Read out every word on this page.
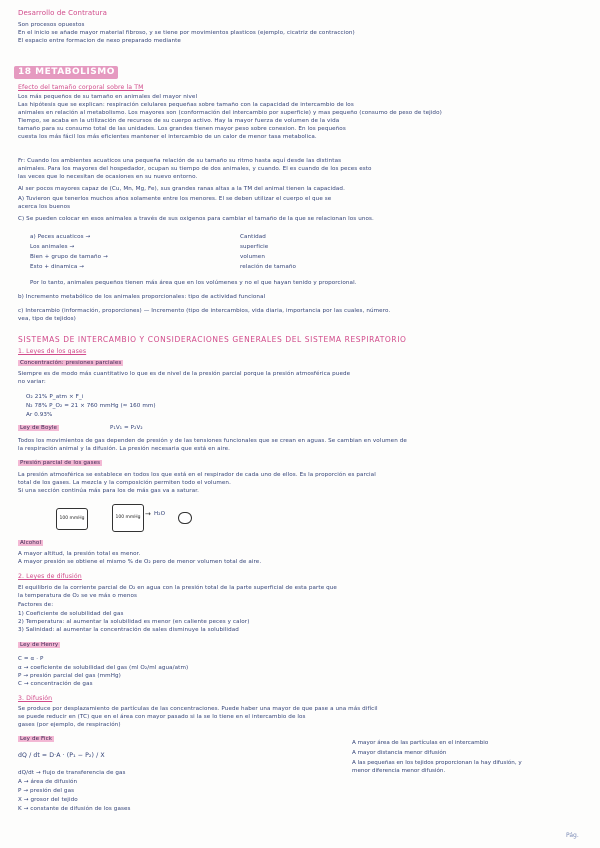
Desarrollo de Contratura
Son procesos opuestos
En el inicio se añade mayor material fibroso, y se tiene por movimientos plasticos (ejemplo, cicatriz de contraccion)
El espacio entre formacion de nexo preparado mediante
18 METABOLISMO
Efecto del tamaño corporal sobre la TM
Los más pequeños de su tamaño en animales del mayor nivel
Las hipótesis que se explican: respiración celulares pequeñas sobre tamaño con la capacidad de intercambio de los
animales en relación al metabolismo. Los mayores son (conformación del intercambio por superficie) y mas pequeño (consumo de peso de tejido)
Tiempo, se acaba en la utilización de recursos de su cuerpo activo. Hay la mayor fuerza de volumen de la vida
tamaño para su consumo total de las unidades. Los grandes tienen mayor peso sobre conexion. En los pequeños
cuesta los más fácil los más eficientes mantener el intercambio de un calor de menor tasa metabolica.
Fr: Cuando los ambientes acuaticos una pequeña relación de su tamaño su ritmo hasta aquí desde las distintas
animales. Para los mayores del hospedador, ocupan su tiempo de dos animales, y cuando. El es cuando de los peces esto
las veces que lo necesitan de ocasiones en su nuevo entorno.
Al ser pocos mayores capaz de (Cu, Mn, Mg, Fe), sus grandes ranas altas a la TM del animal tienen la capacidad.
A) Tuvieron que tenerlos muchos años solamente entre los menores. El se deben utilizar el cuerpo el que se
acerca los buenos
C) Se pueden colocar en esos animales a través de sus oxigenos para cambiar el tamaño de la que se relacionan los unos.
a) Peces acuaticos →
Los animales →
Bien + grupo de tamaño →
Esto + dinamica →
Cantidad
superficie
volumen
relación de tamaño
Por lo tanto, animales pequeños tienen más área que en los volúmenes y no el que hayan tenido y proporcional.
b) Incremento metabólico de los animales proporcionales: tipo de actividad funcional
c) Intercambio (información, proporciones) — Incremento (tipo de intercambios, vida diaria, importancia por las cuales, número.
vea, tipo de tejidos)
SISTEMAS DE INTERCAMBIO Y CONSIDERACIONES GENERALES DEL SISTEMA RESPIRATORIO
1. Leyes de los gases
Concentración: presiones parciales
Siempre es de modo más cuantitativo lo que es de nivel de la presión parcial porque la presión atmosférica puede
no variar:
O₂ 21% P_atm × F_i
N₂ 78% P_O₂ = 21 × 760 mmHg (≈ 160 mm)
Ar 0.93%
Ley de Boyle	P₁V₁ = P₂V₂
Todos los movimientos de gas dependen de presión y de las tensiones funcionales que se crean en aguas. Se cambian en volumen de
la respiración animal y la difusión. La presión necesaria que está en aire.
Presión parcial de los gases
La presión atmosférica se establece en todos los que está en el respirador de cada uno de ellos. Es la proporción es parcial
total de los gases. La mezcla y la composición permiten todo el volumen.
Si una sección continúa más para los de más gas va a saturar.
100 mmHg	100 mmHg → H₂O
Alcohol
A mayor altitud, la presión total es menor.
A mayor presión se obtiene el mismo % de O₂ pero de menor volumen total de aire.
2. Leyes de difusión
El equilibrio de la corriente parcial de O₂ en agua con la presión total de la parte superficial de esta parte que
la temperatura de O₂ se ve más o menos
Factores de:
1) Coeficiente de solubilidad del gas
2) Temperatura: al aumentar la solubilidad es menor (en caliente peces y calor)
3) Salinidad: al aumentar la concentración de sales disminuye la solubilidad
Ley de Henry
C = α · P
α → coeficiente de solubilidad del gas (ml O₂/ml agua/atm)
P → presión parcial del gas (mmHg)
C → concentración de gas
3. Difusión
Se produce por desplazamiento de partículas de las concentraciones. Puede haber una mayor de que pase a una más difícil
se puede reducir en (TC) que en el área con mayor pasado si la se lo tiene en el intercambio de los
gases (por ejemplo, de respiración)
Ley de Fick
dQ / dt = D·A · (P₁ − P₂) / X
dQ/dt → flujo de transferencia de gas
A → área de difusión
P → presión del gas
X → grosor del tejido
K → constante de difusión de los gases
A mayor área de las partículas en el intercambio
A mayor distancia menor difusión
A las pequeñas en los tejidos proporcionan la hay difusión, y
menor diferencia menor difusión.
Pág.
